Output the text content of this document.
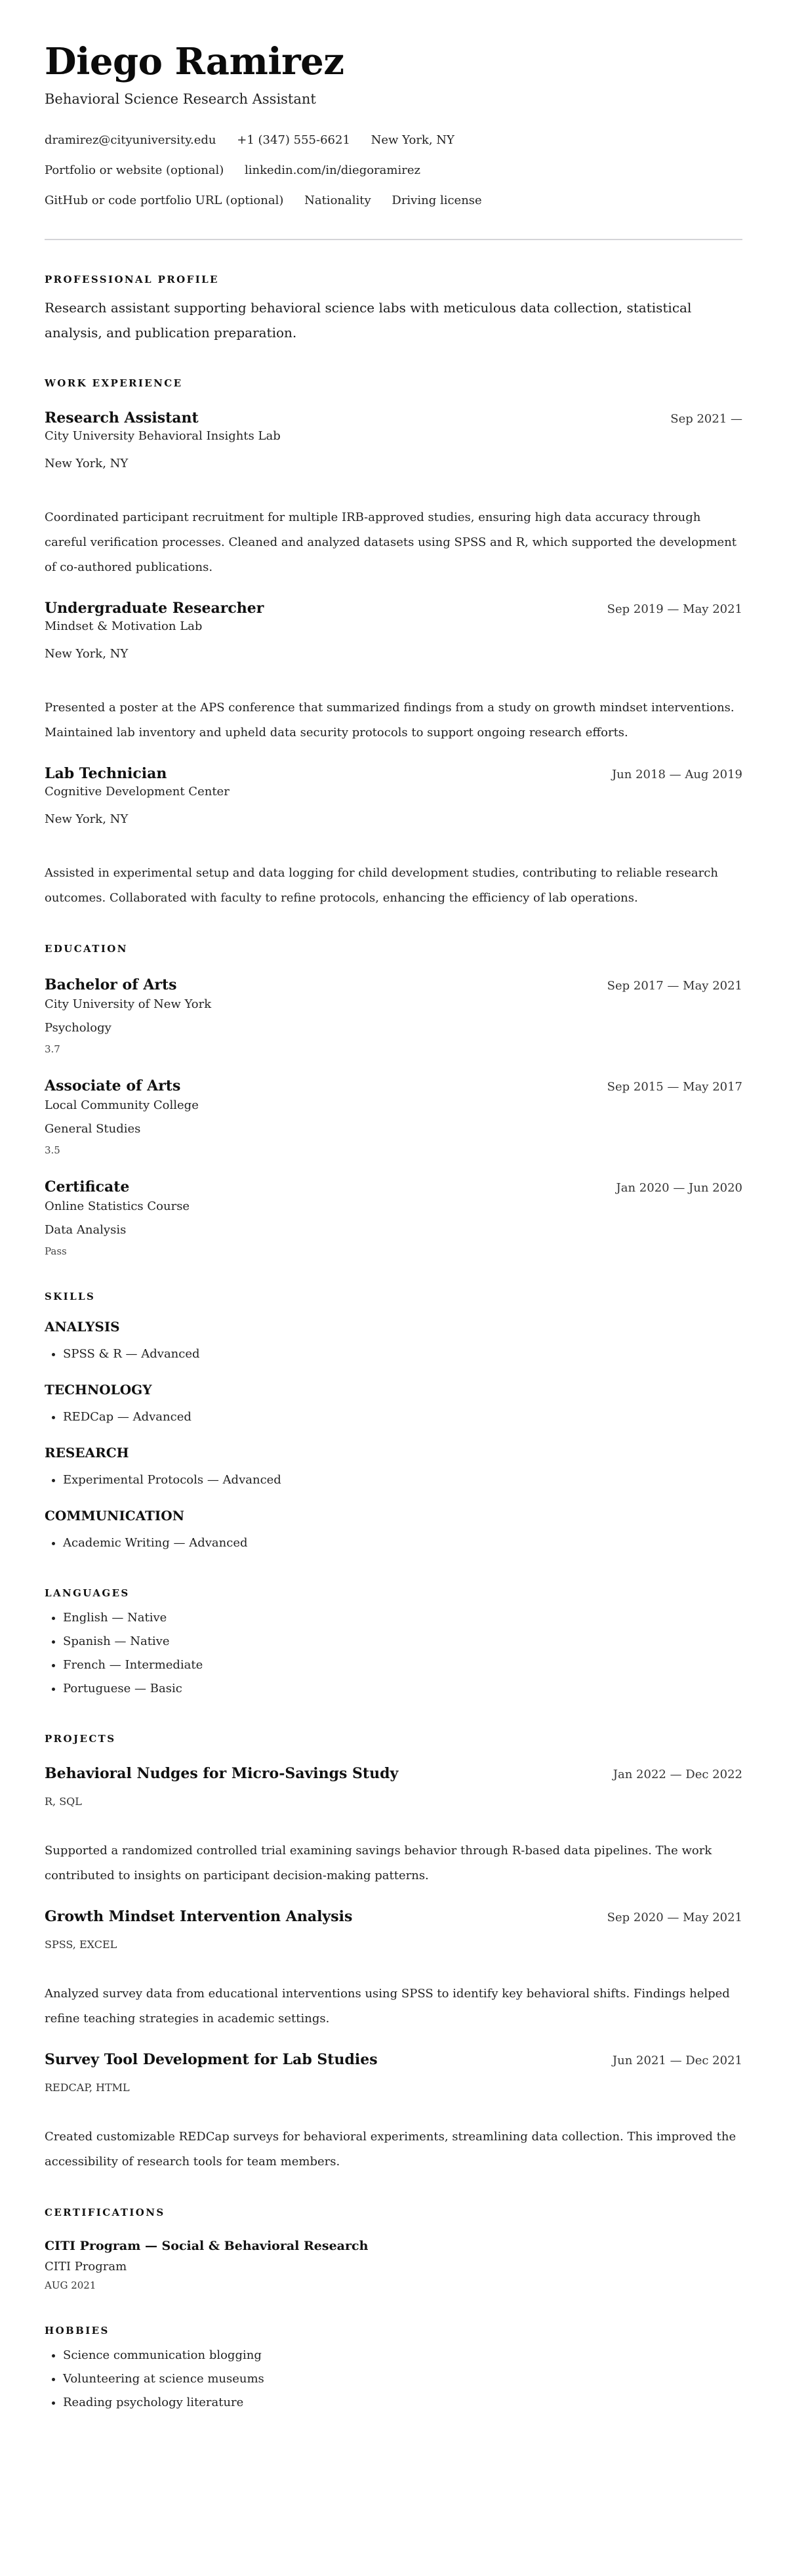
Diego Ramirez

Behavioral Science Research Assistant

dramirez@cityuniversity.edu +1 (347) 555-6621 New York, NY

Portfolio or website (optional) linkedin.com/in/diegoramirez

GitHub or code portfolio URL (optional) Nationality Driving license

PROFESSIONAL PROFILE

Research assistant supporting behavioral science labs with meticulous data collection, statistical analysis, and publication preparation.

WORK EXPERIENCE
Research Assistant	Sep 2021 —

City University Behavioral Insights Lab

New York, NY

Coordinated participant recruitment for multiple IRB-approved studies, ensuring high data accuracy through careful verification processes. Cleaned and analyzed datasets using SPSS and R, which supported the development of co-authored publications.

Undergraduate Researcher	Sep 2019 — May 2021

Mindset & Motivation Lab

New York, NY

Presented a poster at the APS conference that summarized findings from a study on growth mindset interventions. Maintained lab inventory and upheld data security protocols to support ongoing research efforts.

Lab Technician	Jun 2018 — Aug 2019

Cognitive Development Center

New York, NY

Assisted in experimental setup and data logging for child development studies, contributing to reliable research outcomes. Collaborated with faculty to refine protocols, enhancing the efficiency of lab operations.

EDUCATION
Bachelor of Arts	Sep 2017 — May 2021

City University of New York

Psychology

3.7

Associate of Arts	Sep 2015 — May 2017

Local Community College

General Studies

3.5

Certificate	Jan 2020 — Jun 2020

Online Statistics Course

Data Analysis

Pass

SKILLS
ANALYSIS
• SPSS & R — Advanced
TECHNOLOGY
• REDCap — Advanced
RESEARCH
• Experimental Protocols — Advanced
COMMUNICATION
• Academic Writing — Advanced
LANGUAGES
• English — Native
• Spanish — Native
• French — Intermediate
• Portuguese — Basic
PROJECTS
Behavioral Nudges for Micro-Savings Study	Jan 2022 — Dec 2022

R, SQL

Supported a randomized controlled trial examining savings behavior through R-based data pipelines. The work contributed to insights on participant decision-making patterns.

Growth Mindset Intervention Analysis	Sep 2020 — May 2021

SPSS, EXCEL

Analyzed survey data from educational interventions using SPSS to identify key behavioral shifts. Findings helped refine teaching strategies in academic settings.

Survey Tool Development for Lab Studies	Jun 2021 — Dec 2021

REDCAP, HTML

Created customizable REDCap surveys for behavioral experiments, streamlining data collection. This improved the accessibility of research tools for team members.

CERTIFICATIONS

CITI Program — Social & Behavioral Research

CITI Program

AUG 2021

HOBBIES
• Science communication blogging
• Volunteering at science museums
• Reading psychology literature
